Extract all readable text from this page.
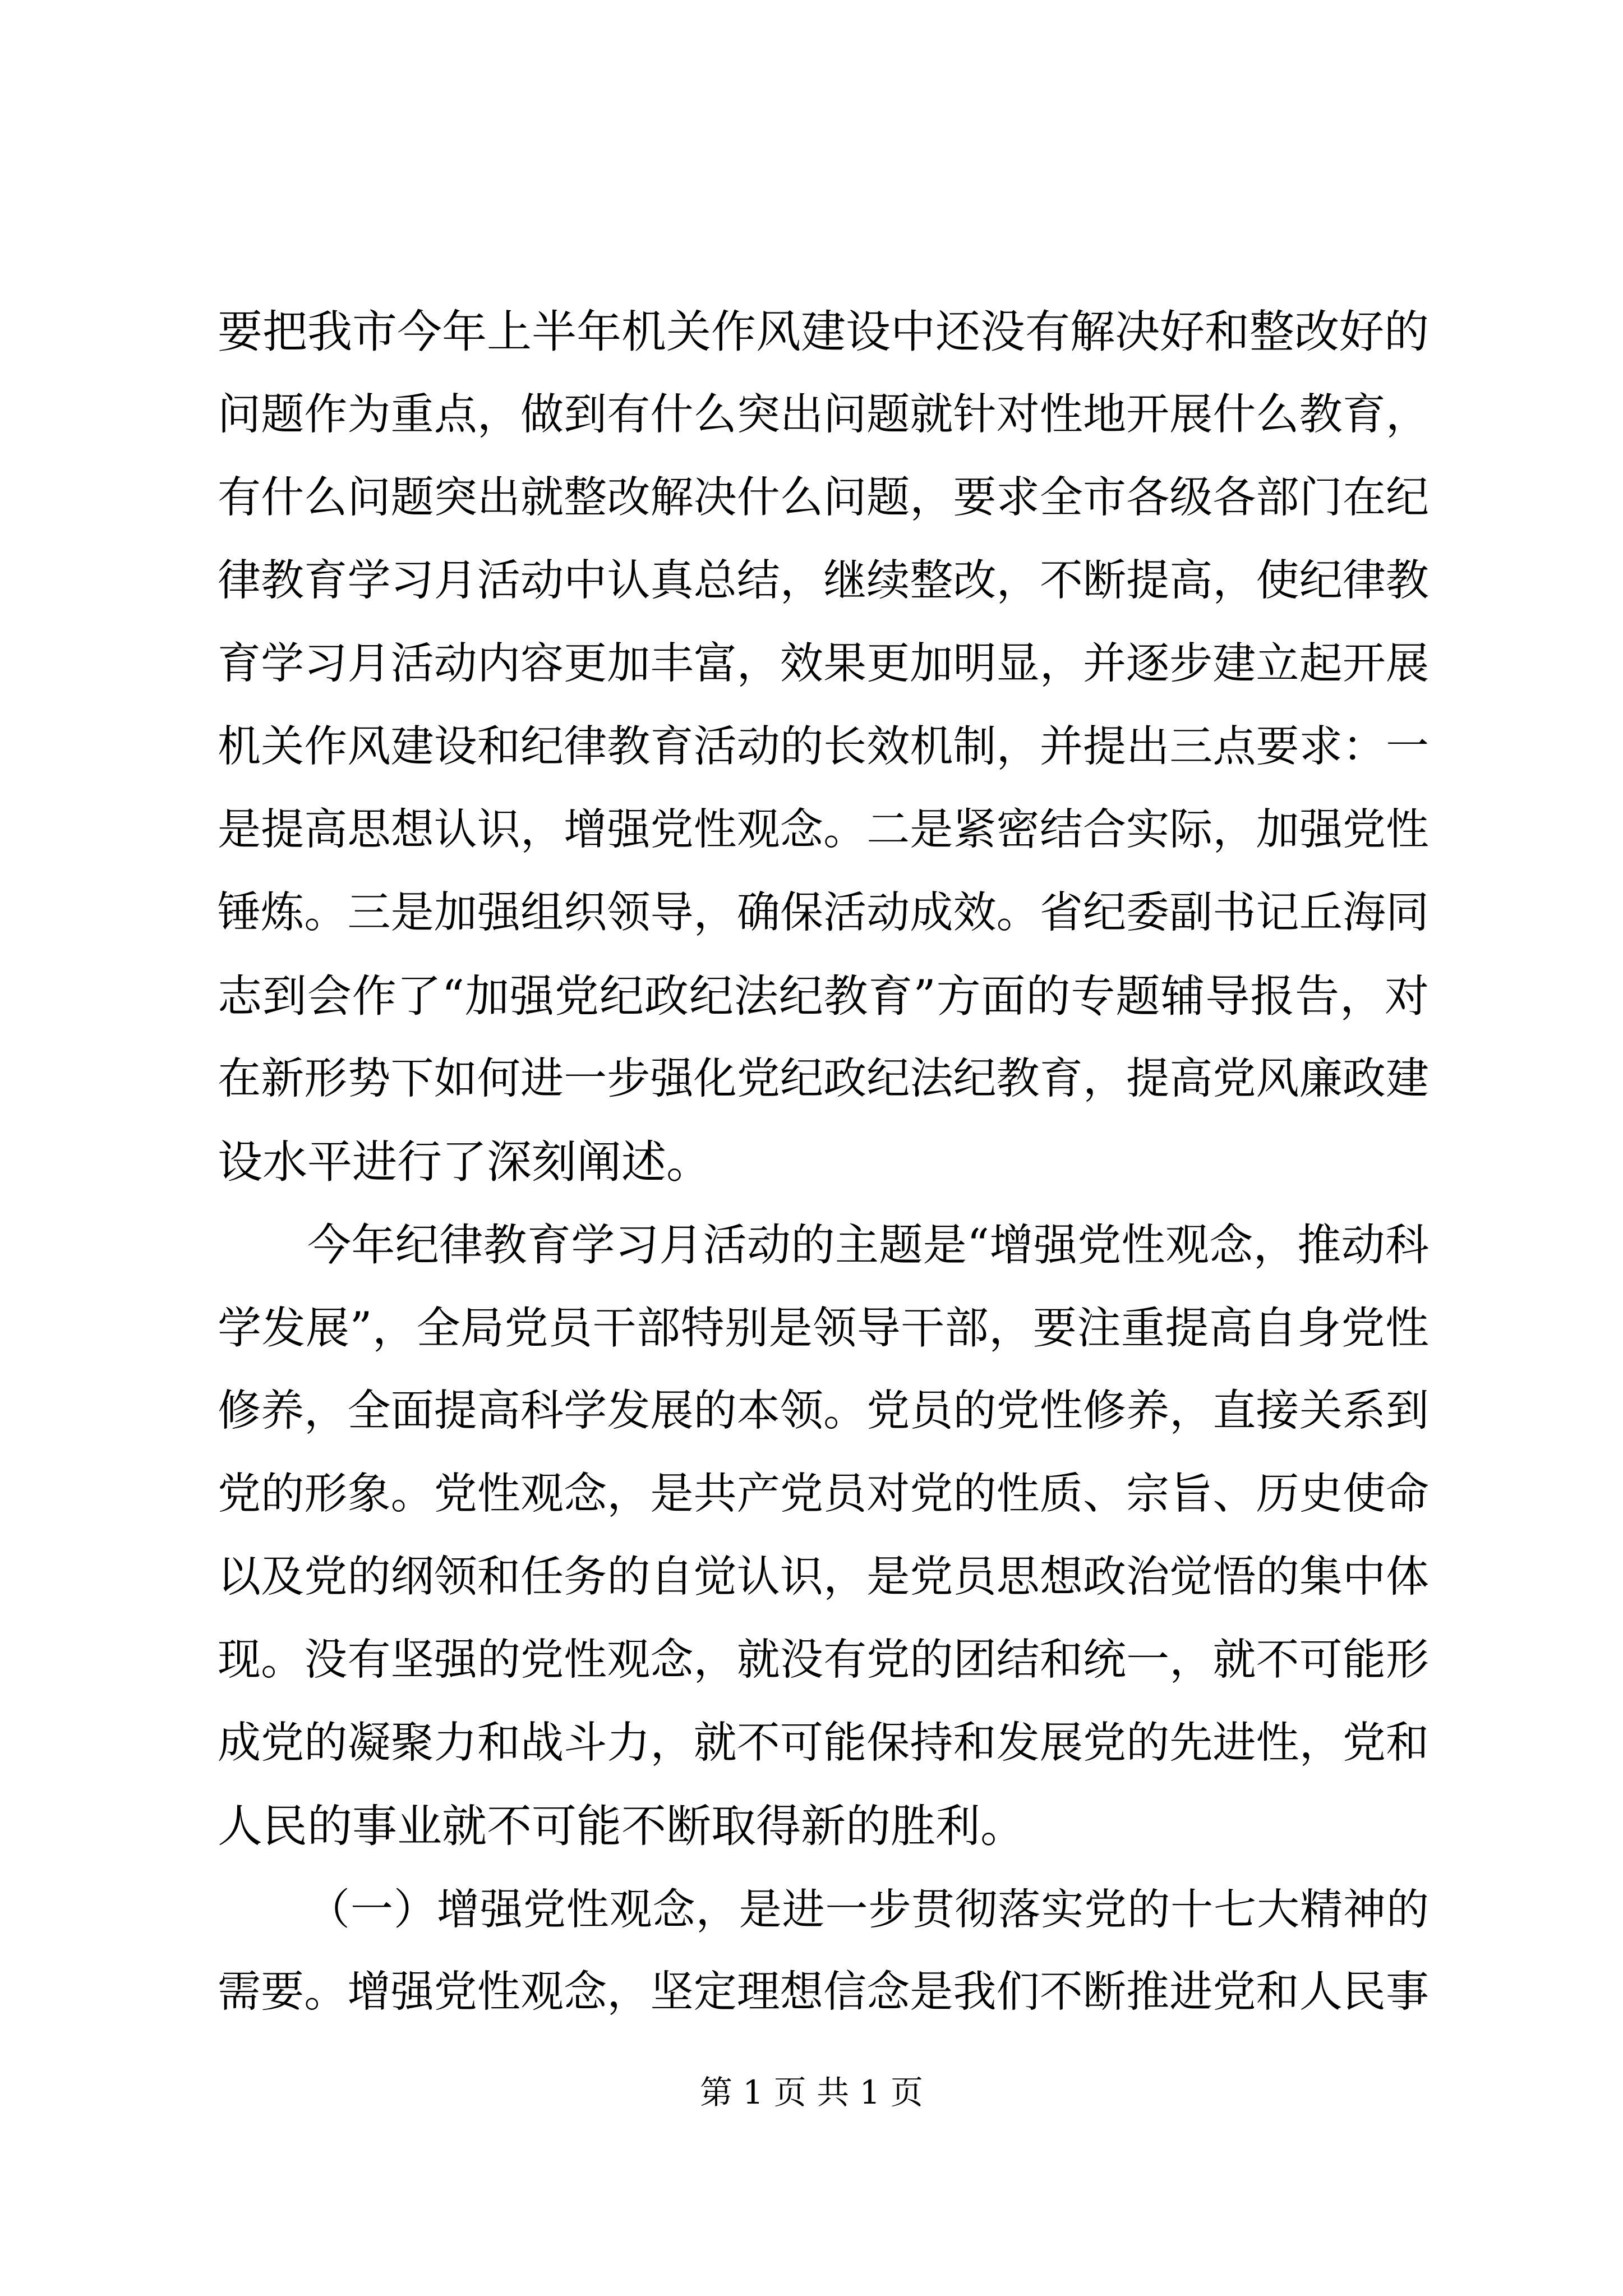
要把我市今年上半年机关作风建设中还没有解决好和整改好的
问题作为重点，做到有什么突出问题就针对性地开展什么教育，
有什么问题突出就整改解决什么问题，要求全市各级各部门在纪
律教育学习月活动中认真总结，继续整改，不断提高，使纪律教
育学习月活动内容更加丰富，效果更加明显，并逐步建立起开展
机关作风建设和纪律教育活动的长效机制，并提出三点要求：一
是提高思想认识，增强党性观念。二是紧密结合实际，加强党性
锤炼。三是加强组织领导，确保活动成效。省纪委副书记丘海同
志到会作了“加强党纪政纪法纪教育”方面的专题辅导报告，对
在新形势下如何进一步强化党纪政纪法纪教育，提高党风廉政建
设水平进行了深刻阐述。
今年纪律教育学习月活动的主题是“增强党性观念，推动科
学发展”，全局党员干部特别是领导干部，要注重提高自身党性
修养，全面提高科学发展的本领。党员的党性修养，直接关系到
党的形象。党性观念，是共产党员对党的性质、宗旨、历史使命
以及党的纲领和任务的自觉认识，是党员思想政治觉悟的集中体
现。没有坚强的党性观念，就没有党的团结和统一，就不可能形
成党的凝聚力和战斗力，就不可能保持和发展党的先进性，党和
人民的事业就不可能不断取得新的胜利。
（一）增强党性观念，是进一步贯彻落实党的十七大精神的
需要。增强党性观念，坚定理想信念是我们不断推进党和人民事
第 1 页 共 1 页
